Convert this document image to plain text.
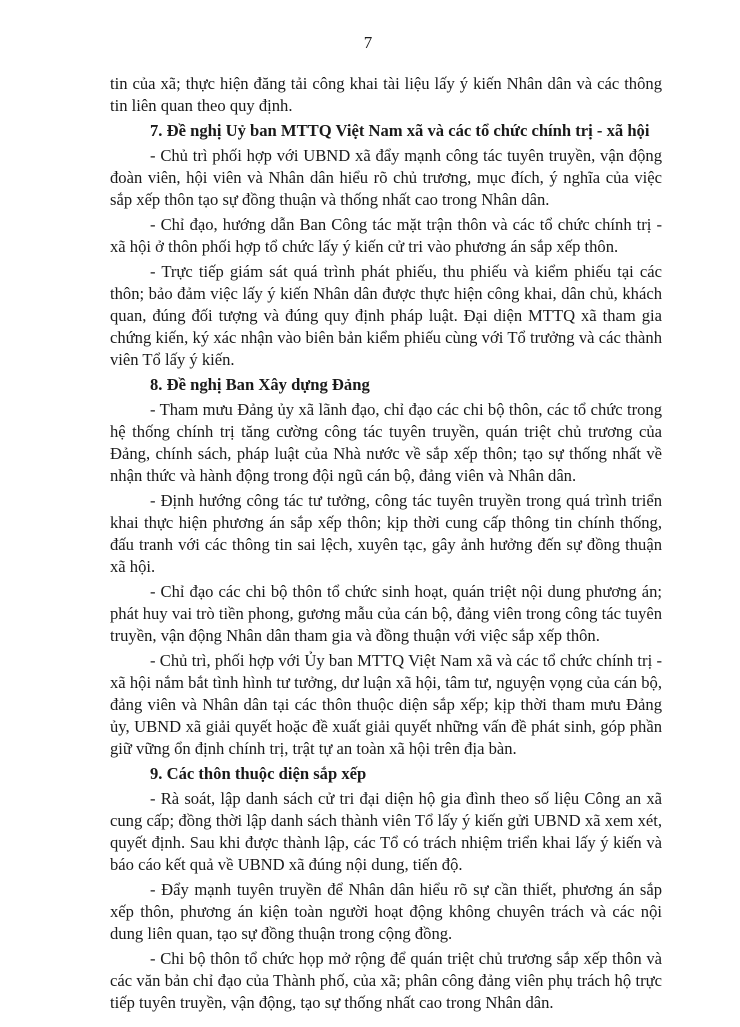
7

tin của xã; thực hiện đăng tải công khai tài liệu lấy ý kiến Nhân dân và các thông tin liên quan theo quy định.

7. Đề nghị Uỷ ban MTTQ Việt Nam xã và các tổ chức chính trị - xã hội

- Chủ trì phối hợp với UBND xã đẩy mạnh công tác tuyên truyền, vận động đoàn viên, hội viên và Nhân dân hiểu rõ chủ trương, mục đích, ý nghĩa của việc sắp xếp thôn tạo sự đồng thuận và thống nhất cao trong Nhân dân.

- Chỉ đạo, hướng dẫn Ban Công tác mặt trận thôn và các tổ chức chính trị - xã hội ở thôn phối hợp tổ chức lấy ý kiến cử tri vào phương án sắp xếp thôn.

- Trực tiếp giám sát quá trình phát phiếu, thu phiếu và kiểm phiếu tại các thôn; bảo đảm việc lấy ý kiến Nhân dân được thực hiện công khai, dân chủ, khách quan, đúng đối tượng và đúng quy định pháp luật. Đại diện MTTQ xã tham gia chứng kiến, ký xác nhận vào biên bản kiểm phiếu cùng với Tổ trưởng và các thành viên Tổ lấy ý kiến.

8. Đề nghị Ban Xây dựng Đảng

- Tham mưu Đảng ủy xã lãnh đạo, chỉ đạo các chi bộ thôn, các tổ chức trong hệ thống chính trị tăng cường công tác tuyên truyền, quán triệt chủ trương của Đảng, chính sách, pháp luật của Nhà nước về sắp xếp thôn; tạo sự thống nhất về nhận thức và hành động trong đội ngũ cán bộ, đảng viên và Nhân dân.

- Định hướng công tác tư tưởng, công tác tuyên truyền trong quá trình triển khai thực hiện phương án sắp xếp thôn; kịp thời cung cấp thông tin chính thống, đấu tranh với các thông tin sai lệch, xuyên tạc, gây ảnh hưởng đến sự đồng thuận xã hội.

- Chỉ đạo các chi bộ thôn tổ chức sinh hoạt, quán triệt nội dung phương án; phát huy vai trò tiền phong, gương mẫu của cán bộ, đảng viên trong công tác tuyên truyền, vận động Nhân dân tham gia và đồng thuận với việc sắp xếp thôn.

- Chủ trì, phối hợp với Ủy ban MTTQ Việt Nam xã và các tổ chức chính trị - xã hội nắm bắt tình hình tư tưởng, dư luận xã hội, tâm tư, nguyện vọng của cán bộ, đảng viên và Nhân dân tại các thôn thuộc diện sắp xếp; kịp thời tham mưu Đảng ủy, UBND xã giải quyết hoặc đề xuất giải quyết những vấn đề phát sinh, góp phần giữ vững ổn định chính trị, trật tự an toàn xã hội trên địa bàn.

9. Các thôn thuộc diện sắp xếp

- Rà soát, lập danh sách cử tri đại diện hộ gia đình theo số liệu Công an xã cung cấp; đồng thời lập danh sách thành viên Tổ lấy ý kiến gửi UBND xã xem xét, quyết định. Sau khi được thành lập, các Tổ có trách nhiệm triển khai lấy ý kiến và báo cáo kết quả về UBND xã đúng nội dung, tiến độ.

- Đẩy mạnh tuyên truyền để Nhân dân hiểu rõ sự cần thiết, phương án sắp xếp thôn, phương án kiện toàn người hoạt động không chuyên trách và các nội dung liên quan, tạo sự đồng thuận trong cộng đồng.

- Chi bộ thôn tổ chức họp mở rộng để quán triệt chủ trương sắp xếp thôn và các văn bản chỉ đạo của Thành phố, của xã; phân công đảng viên phụ trách hộ trực tiếp tuyên truyền, vận động, tạo sự thống nhất cao trong Nhân dân.
